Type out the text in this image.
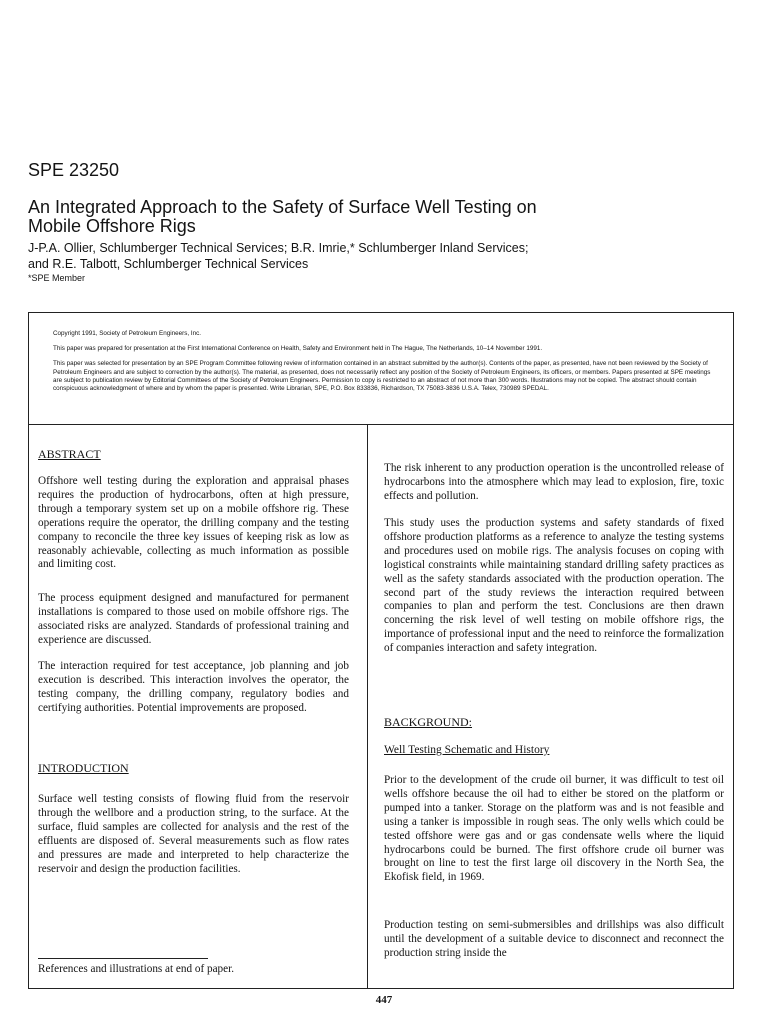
SPE 23250
An Integrated Approach to the Safety of Surface Well Testing on
Mobile Offshore Rigs
J-P.A. Ollier, Schlumberger Technical Services; B.R. Imrie,* Schlumberger Inland Services;
and R.E. Talbott, Schlumberger Technical Services
*SPE Member

Copyright 1991, Society of Petroleum Engineers, Inc.

This paper was prepared for presentation at the First International Conference on Health, Safety and Environment held in The Hague, The Netherlands, 10–14 November 1991.

This paper was selected for presentation by an SPE Program Committee following review of information contained in an abstract submitted by the author(s). Contents of the paper, as presented, have not been reviewed by the Society of Petroleum Engineers and are subject to correction by the author(s). The material, as presented, does not necessarily reflect any position of the Society of Petroleum Engineers, its officers, or members. Papers presented at SPE meetings are subject to publication review by Editorial Committees of the Society of Petroleum Engineers. Permission to copy is restricted to an abstract of not more than 300 words. Illustrations may not be copied. The abstract should contain conspicuous acknowledgment of where and by whom the paper is presented. Write Librarian, SPE, P.O. Box 833836, Richardson, TX 75083-3836 U.S.A. Telex, 730989 SPEDAL.

ABSTRACT

Offshore well testing during the exploration and appraisal phases requires the production of hydrocarbons, often at high pressure, through a temporary system set up on a mobile offshore rig. These operations require the operator, the drilling company and the testing company to reconcile the three key issues of keeping risk as low as reasonably achievable, collecting as much information as possible and limiting cost.

The process equipment designed and manufactured for permanent installations is compared to those used on mobile offshore rigs. The associated risks are analyzed. Standards of professional training and experience are discussed.

The interaction required for test acceptance, job planning and job execution is described. This interaction involves the operator, the testing company, the drilling company, regulatory bodies and certifying authorities. Potential improvements are proposed.

INTRODUCTION

Surface well testing consists of flowing fluid from the reservoir through the wellbore and a production string, to the surface. At the surface, fluid samples are collected for analysis and the rest of the effluents are disposed of. Several measurements such as flow rates and pressures are made and interpreted to help characterize the reservoir and design the production facilities.

References and illustrations at end of paper.

The risk inherent to any production operation is the uncontrolled release of hydrocarbons into the atmosphere which may lead to explosion, fire, toxic effects and pollution.

This study uses the production systems and safety standards of fixed offshore production platforms as a reference to analyze the testing systems and procedures used on mobile rigs. The analysis focuses on coping with logistical constraints while maintaining standard drilling safety practices as well as the safety standards associated with the production operation. The second part of the study reviews the interaction required between companies to plan and perform the test. Conclusions are then drawn concerning the risk level of well testing on mobile offshore rigs, the importance of professional input and the need to reinforce the formalization of companies interaction and safety integration.

BACKGROUND:
Well Testing Schematic and History

Prior to the development of the crude oil burner, it was difficult to test oil wells offshore because the oil had to either be stored on the platform or pumped into a tanker. Storage on the platform was and is not feasible and using a tanker is impossible in rough seas. The only wells which could be tested offshore were gas and or gas condensate wells where the liquid hydrocarbons could be burned. The first offshore crude oil burner was brought on line to test the first large oil discovery in the North Sea, the Ekofisk field, in 1969.

Production testing on semi-submersibles and drillships was also difficult until the development of a suitable device to disconnect and reconnect the production string inside the

447
